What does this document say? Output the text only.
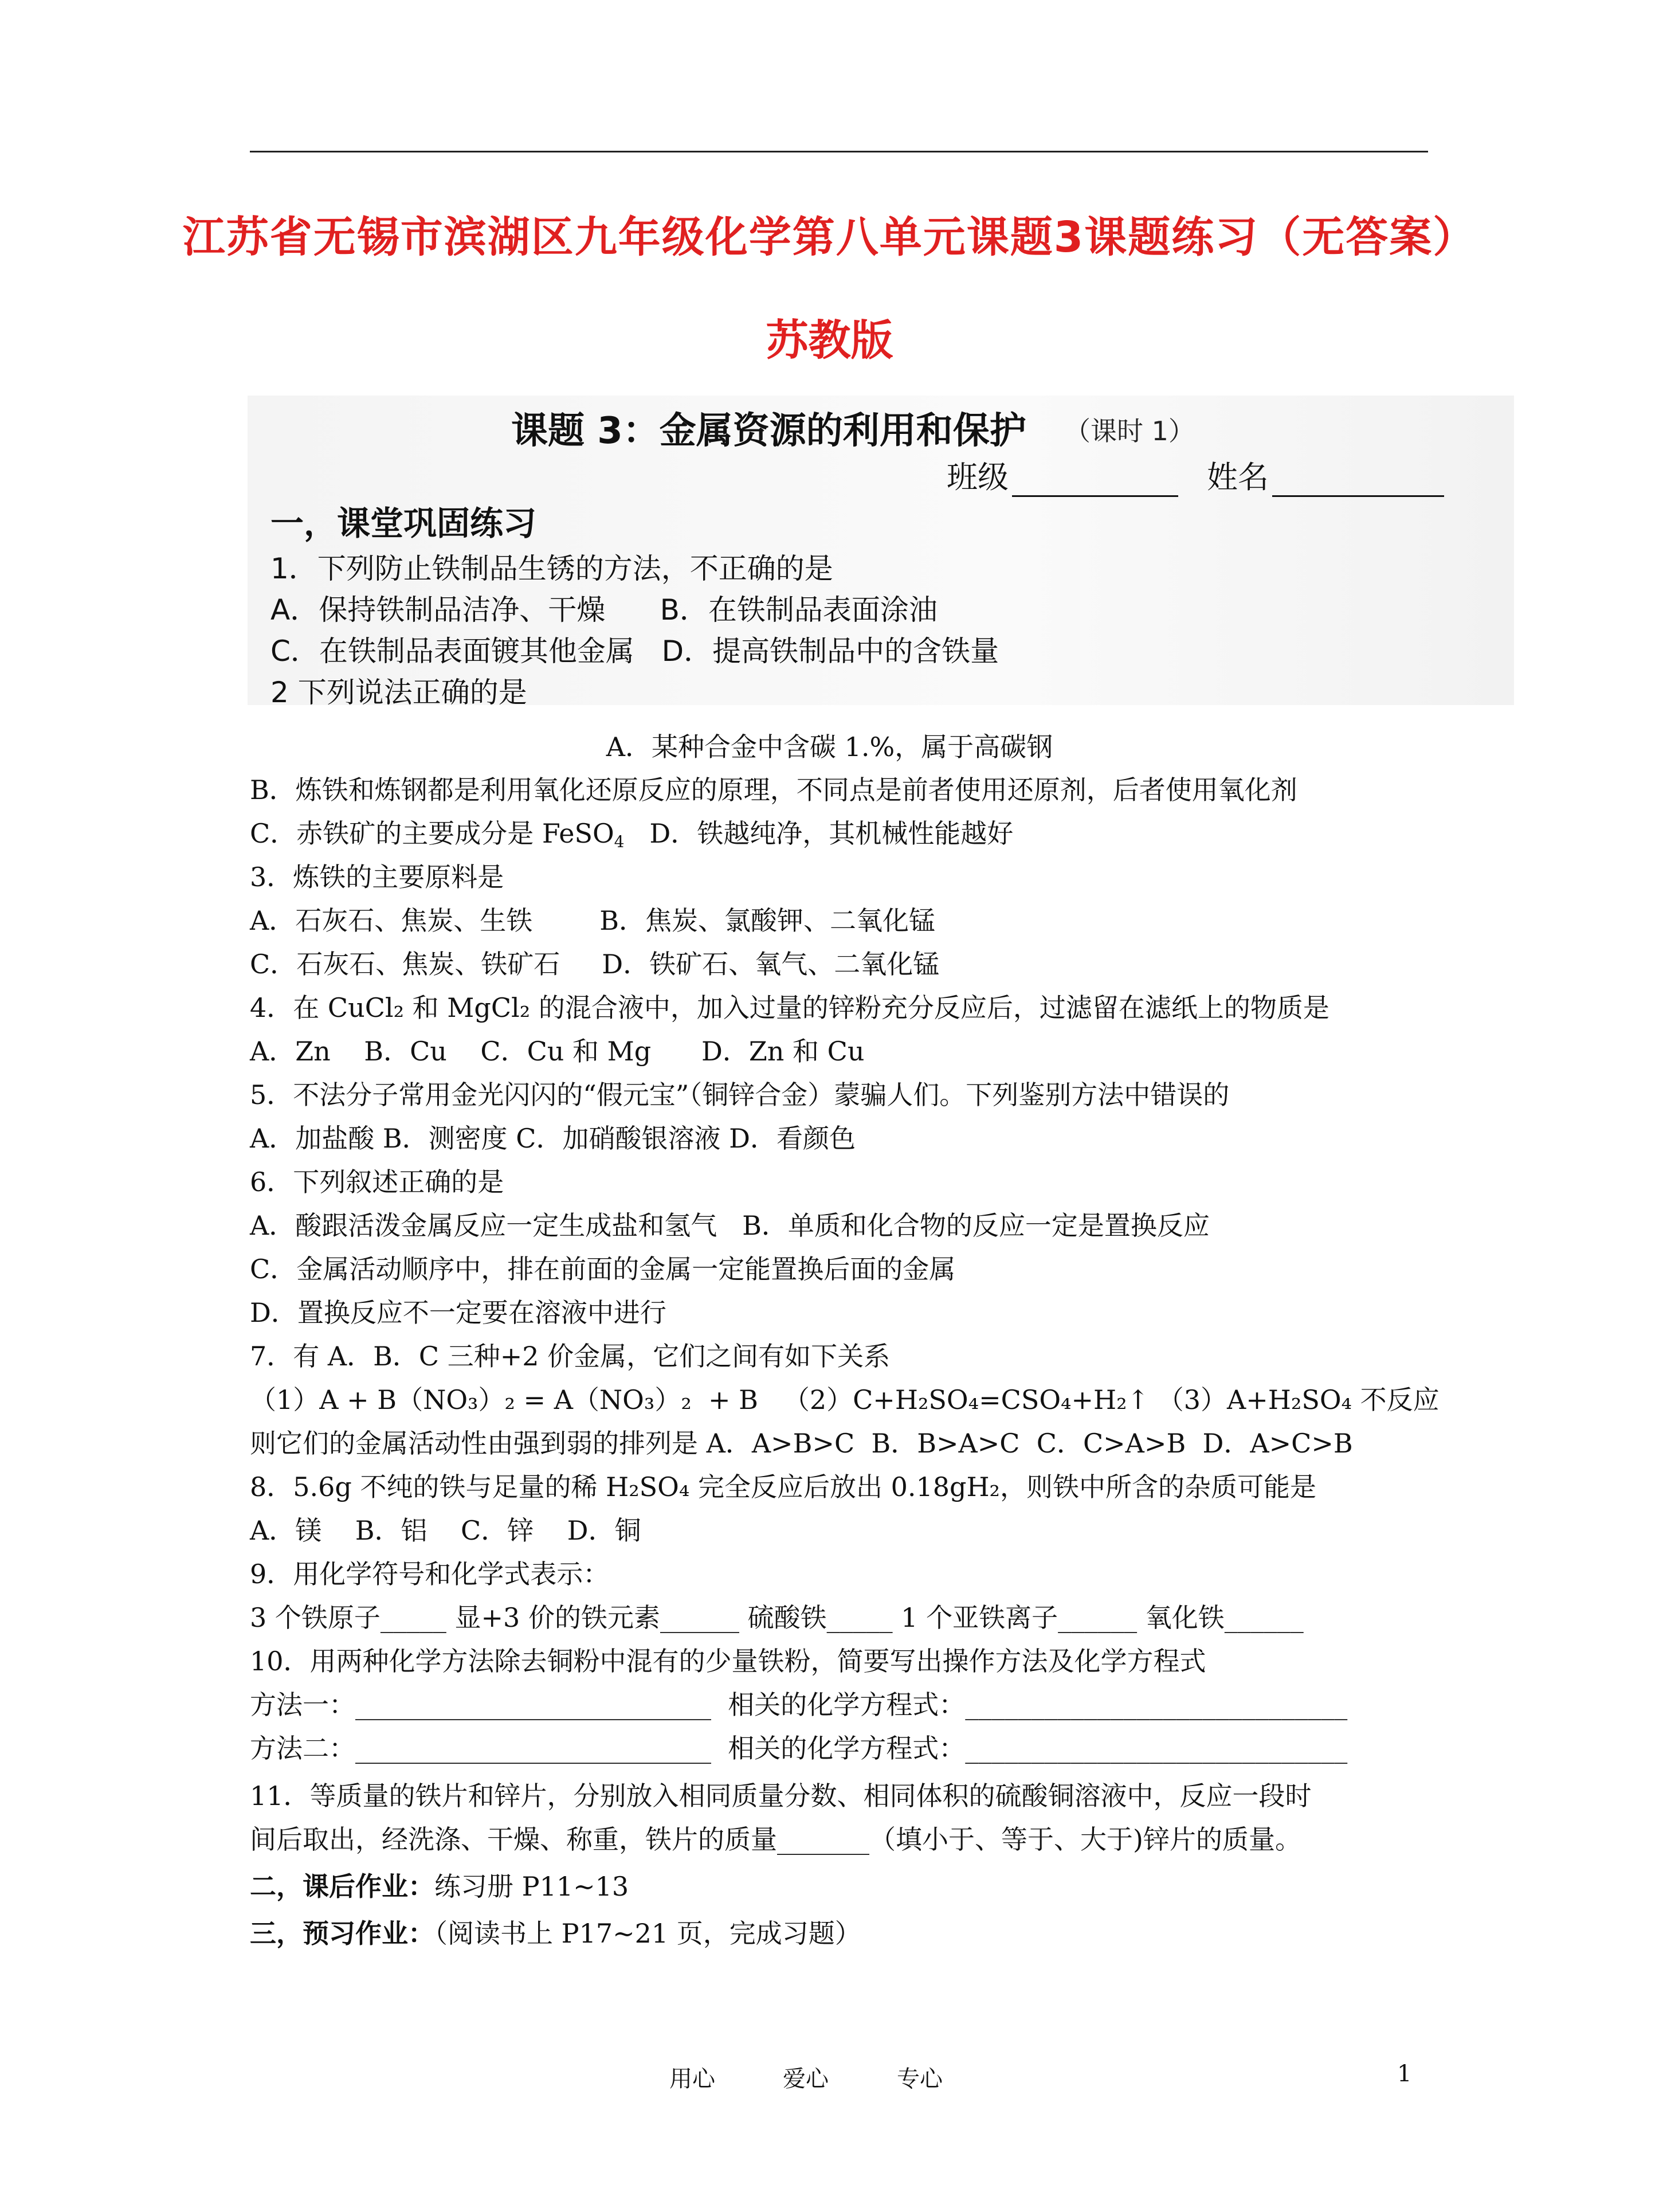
江苏省无锡市滨湖区九年级化学第八单元课题3课题练习（无答案）
苏教版
课题 3：金属资源的利用和保护 （课时 1）
班级	姓名
一，课堂巩固练习
1．下列防止铁制品生锈的方法，不正确的是
A．保持铁制品洁净、干燥      B．在铁制品表面涂油
C．在铁制品表面镀其他金属   D．提高铁制品中的含铁量
2 下列说法正确的是
A．某种合金中含碳 1.%，属于高碳钢
B．炼铁和炼钢都是利用氧化还原反应的原理，不同点是前者使用还原剂，后者使用氧化剂
C．赤铁矿的主要成分是 FeSO$_4$   D．铁越纯净，其机械性能越好
3．炼铁的主要原料是
A．石灰石、焦炭、生铁        B．焦炭、氯酸钾、二氧化锰
C．石灰石、焦炭、铁矿石     D．铁矿石、氧气、二氧化锰
4．在 CuCl₂ 和 MgCl₂ 的混合液中，加入过量的锌粉充分反应后，过滤留在滤纸上的物质是
A．Zn    B．Cu    C．Cu 和 Mg      D．Zn 和 Cu
5．不法分子常用金光闪闪的“假元宝”（铜锌合金）蒙骗人们。下列鉴别方法中错误的
A．加盐酸 B．测密度 C．加硝酸银溶液 D．看颜色
6．下列叙述正确的是
A．酸跟活泼金属反应一定生成盐和氢气   B．单质和化合物的反应一定是置换反应
C．金属活动顺序中，排在前面的金属一定能置换后面的金属
D．置换反应不一定要在溶液中进行
7．有 A．B．C 三种+2 价金属，它们之间有如下关系
（1）A + B（NO₃）₂ = A（NO₃）₂  + B   （2）C+H₂SO₄=CSO₄+H₂↑ （3）A+H₂SO₄ 不反应
则它们的金属活动性由强到弱的排列是 A．A>B>C  B．B>A>C  C．C>A>B  D．A>C>B
8．5.6g 不纯的铁与足量的稀 H₂SO₄ 完全反应后放出 0.18gH₂，则铁中所含的杂质可能是
A．镁    B．铝    C．锌    D．铜
9．用化学符号和化学式表示：
3 个铁原子_____ 显+3 价的铁元素______ 硫酸铁_____ 1 个亚铁离子______ 氧化铁______
10．用两种化学方法除去铜粉中混有的少量铁粉，简要写出操作方法及化学方程式
方法一：___________________________  相关的化学方程式：_____________________________
方法二：___________________________  相关的化学方程式：_____________________________
11．等质量的铁片和锌片，分别放入相同质量分数、相同体积的硫酸铜溶液中，反应一段时
间后取出，经洗涤、干燥、称重，铁片的质量_______（填小于、等于、大于)锌片的质量。
二，课后作业：练习册 P11~13
三，预习作业：（阅读书上 P17~21 页，完成习题）
用心	爱心	专心	1
